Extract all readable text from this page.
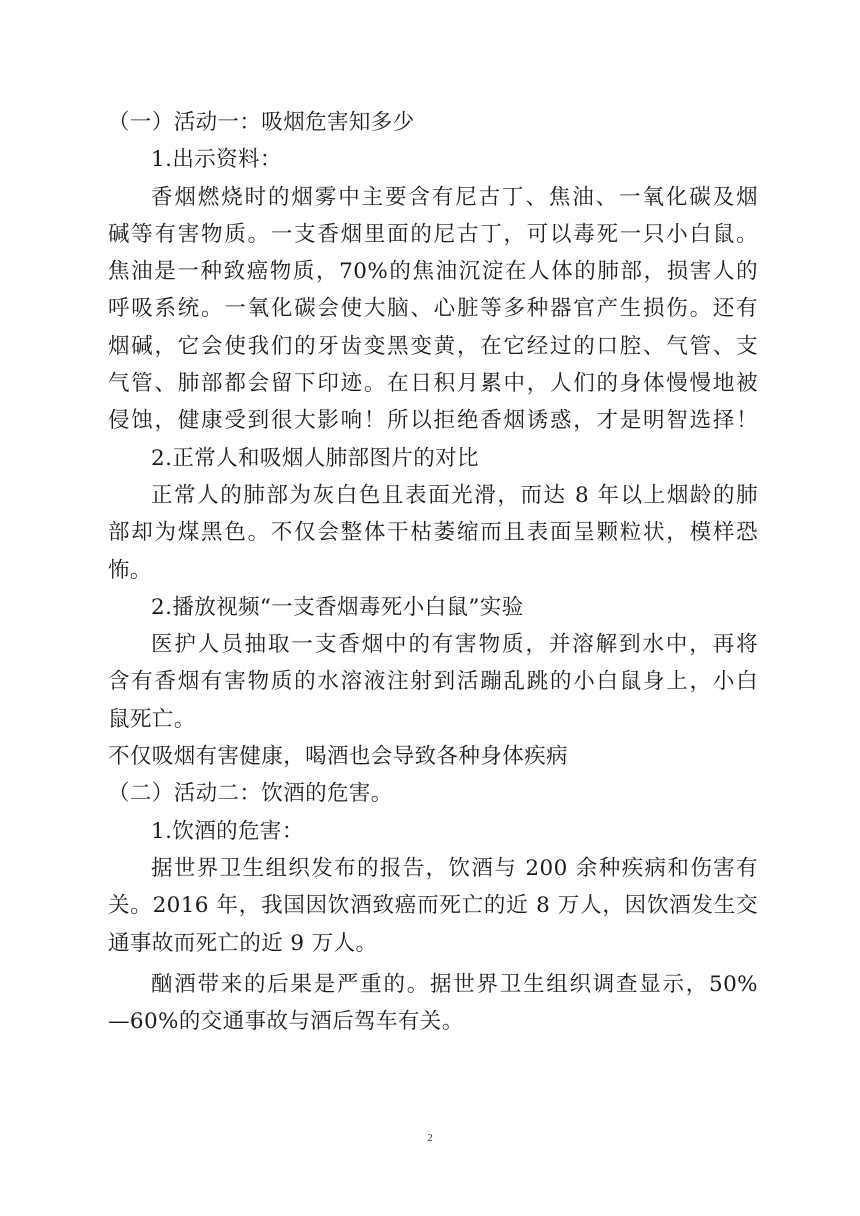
（一）活动一：吸烟危害知多少
1.出示资料：
香烟燃烧时的烟雾中主要含有尼古丁、焦油、一氧化碳及烟
碱等有害物质。一支香烟里面的尼古丁，可以毒死一只小白鼠。
焦油是一种致癌物质，70%的焦油沉淀在人体的肺部，损害人的
呼吸系统。一氧化碳会使大脑、心脏等多种器官产生损伤。还有
烟碱，它会使我们的牙齿变黑变黄，在它经过的口腔、气管、支
气管、肺部都会留下印迹。在日积月累中，人们的身体慢慢地被
侵蚀，健康受到很大影响！所以拒绝香烟诱惑，才是明智选择！
2.正常人和吸烟人肺部图片的对比
正常人的肺部为灰白色且表面光滑，而达 8 年以上烟龄的肺
部却为煤黑色。不仅会整体干枯萎缩而且表面呈颗粒状，模样恐
怖。
2.播放视频“一支香烟毒死小白鼠”实验
医护人员抽取一支香烟中的有害物质，并溶解到水中，再将
含有香烟有害物质的水溶液注射到活蹦乱跳的小白鼠身上，小白
鼠死亡。
不仅吸烟有害健康，喝酒也会导致各种身体疾病
（二）活动二：饮酒的危害。
1.饮酒的危害：
据世界卫生组织发布的报告，饮酒与 200 余种疾病和伤害有
关。2016 年，我国因饮酒致癌而死亡的近 8 万人，因饮酒发生交
通事故而死亡的近 9 万人。
酗酒带来的后果是严重的。据世界卫生组织调查显示，50%
—60%的交通事故与酒后驾车有关。
2
